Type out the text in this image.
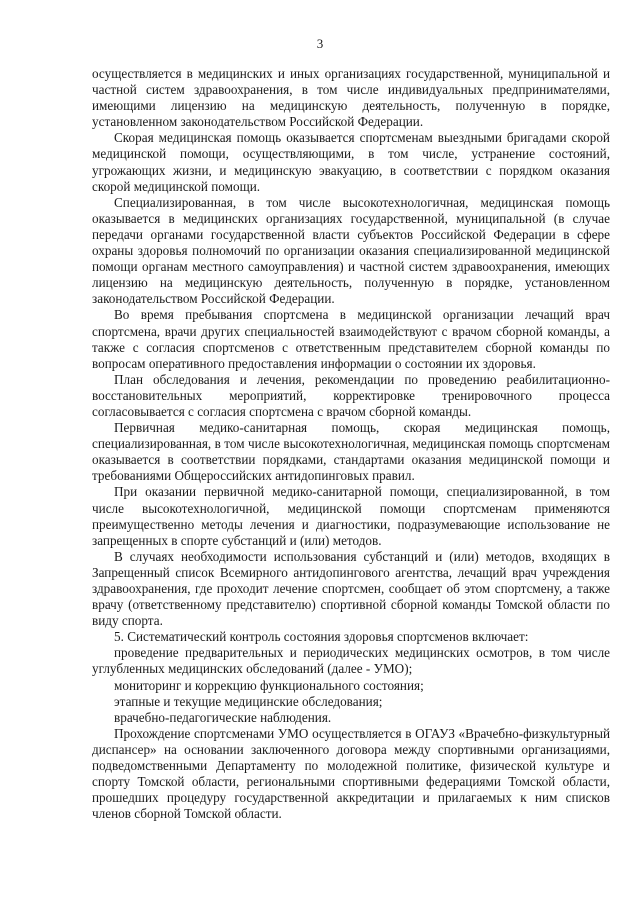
3

осуществляется в медицинских и иных организациях государственной, муниципальной и частной систем здравоохранения, в том числе индивидуальных предпринимателями, имеющими лицензию на медицинскую деятельность, полученную в порядке, установленном законодательством Российской Федерации.

Скорая медицинская помощь оказывается спортсменам выездными бригадами скорой медицинской помощи, осуществляющими, в том числе, устранение состояний, угрожающих жизни, и медицинскую эвакуацию, в соответствии с порядком оказания скорой медицинской помощи.

Специализированная, в том числе высокотехнологичная, медицинская помощь оказывается в медицинских организациях государственной, муниципальной (в случае передачи органами государственной власти субъектов Российской Федерации в сфере охраны здоровья полномочий по организации оказания специализированной медицинской помощи органам местного самоуправления) и частной систем здравоохранения, имеющих лицензию на медицинскую деятельность, полученную в порядке, установленном законодательством Российской Федерации.

Во время пребывания спортсмена в медицинской организации лечащий врач спортсмена, врачи других специальностей взаимодействуют с врачом сборной команды, а также с согласия спортсменов с ответственным представителем сборной команды по вопросам оперативного предоставления информации о состоянии их здоровья.

План обследования и лечения, рекомендации по проведению реабилитационно-восстановительных мероприятий, корректировке тренировочного процесса согласовывается с согласия спортсмена с врачом сборной команды.

Первичная медико-санитарная помощь, скорая медицинская помощь, специализированная, в том числе высокотехнологичная, медицинская помощь спортсменам оказывается в соответствии порядками, стандартами оказания медицинской помощи и требованиями Общероссийских антидопинговых правил.

При оказании первичной медико-санитарной помощи, специализированной, в том числе высокотехнологичной, медицинской помощи спортсменам применяются преимущественно методы лечения и диагностики, подразумевающие использование не запрещенных в спорте субстанций и (или) методов.

В случаях необходимости использования субстанций и (или) методов, входящих в Запрещенный список Всемирного антидопингового агентства, лечащий врач учреждения здравоохранения, где проходит лечение спортсмен, сообщает об этом спортсмену, а также врачу (ответственному представителю) спортивной сборной команды Томской области по виду спорта.

5. Систематический контроль состояния здоровья спортсменов включает:

проведение предварительных и периодических медицинских осмотров, в том числе углубленных медицинских обследований (далее - УМО);

мониторинг и коррекцию функционального состояния;

этапные и текущие медицинские обследования;

врачебно-педагогические наблюдения.

Прохождение спортсменами УМО осуществляется в ОГАУЗ «Врачебно-физкультурный диспансер» на основании заключенного договора между спортивными организациями, подведомственными Департаменту по молодежной политике, физической культуре и спорту Томской области, региональными спортивными федерациями Томской области, прошедших процедуру государственной аккредитации и прилагаемых к ним списков членов сборной Томской области.
